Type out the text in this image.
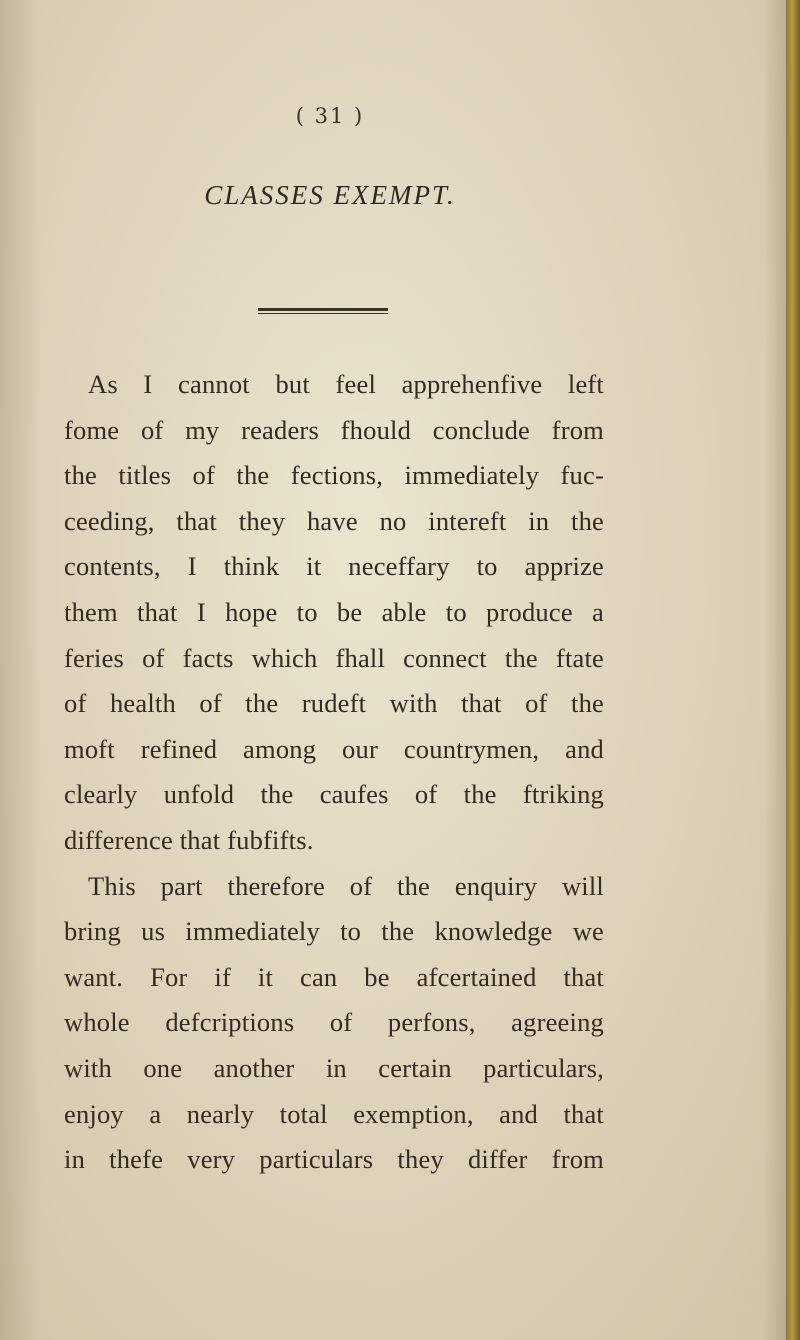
( 31 )
CLASSES EXEMPT.
As I cannot but feel apprehenfive left
fome of my readers fhould conclude from
the titles of the fections, immediately fuc-
ceeding, that they have no intereft in the
contents, I think it neceffary to apprize
them that I hope to be able to produce a
feries of facts which fhall connect the ftate
of health of the rudeft with that of the
moft refined among our countrymen, and
clearly unfold the caufes of the ftriking
difference that fubfifts.
This part therefore of the enquiry will
bring us immediately to the knowledge we
want. For if it can be afcertained that
whole defcriptions of perfons, agreeing
with one another in certain particulars,
enjoy a nearly total exemption, and that
in thefe very particulars they differ from
